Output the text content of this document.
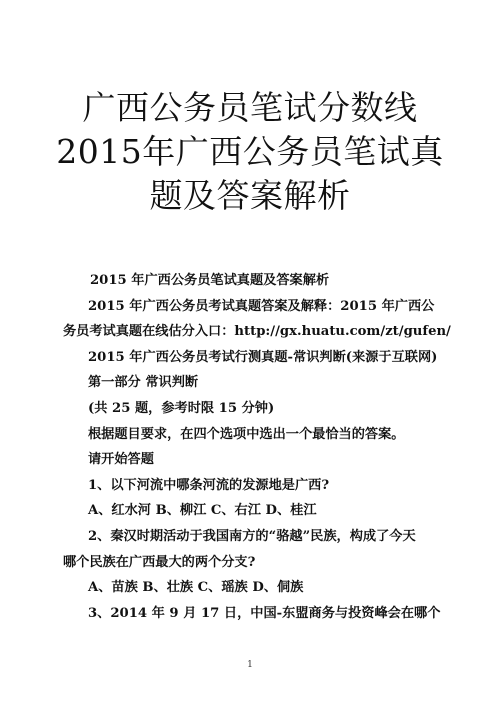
广西公务员笔试分数线
2015年广西公务员笔试真
题及答案解析
2015 年广西公务员笔试真题及答案解析
2015 年广西公务员考试真题答案及解释：2015 年广西公
务员考试真题在线估分入口：http://gx.huatu.com/zt/gufen/
2015 年广西公务员考试行测真题-常识判断(来源于互联网)
第一部分 常识判断
(共 25 题，参考时限 15 分钟)
根据题目要求，在四个选项中选出一个最恰当的答案。
请开始答题
1、以下河流中哪条河流的发源地是广西?
A、红水河 B、柳江 C、右江 D、桂江
2、秦汉时期活动于我国南方的“骆越”民族，构成了今天
哪个民族在广西最大的两个分支?
A、苗族 B、壮族 C、瑶族 D、侗族
3、2014 年 9 月 17 日，中国-东盟商务与投资峰会在哪个
1
